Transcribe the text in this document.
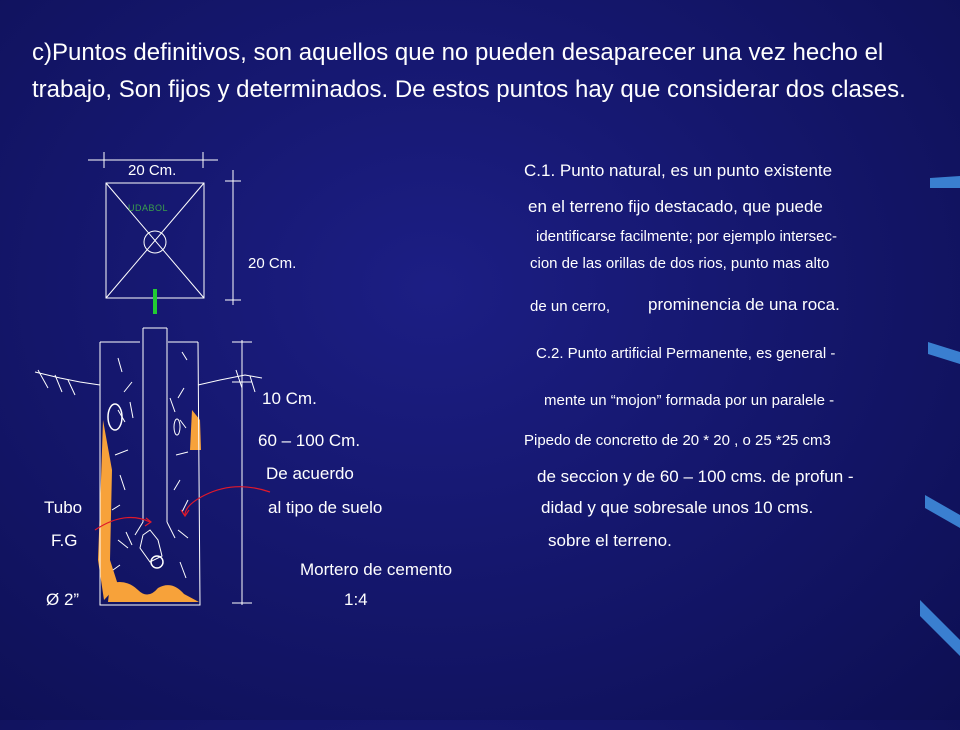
c)Puntos definitivos, son aquellos que no pueden desaparecer una vez hecho el trabajo, Son fijos y determinados. De estos puntos hay que considerar dos clases.

UDABOL
20 Cm.
20 Cm.
10 Cm.
60 – 100 Cm.
De acuerdo
al tipo de suelo
Tubo
F.G
Ø 2”
Mortero de cemento
1:4
C.1. Punto natural, es un punto existente
en el terreno fijo destacado, que puede
identificarse facilmente; por ejemplo intersec-
cion de las orillas de dos rios, punto mas alto
de un cerro, prominencia de una roca.
C.2. Punto artificial Permanente, es general -
mente un “mojon” formada por un paralele -
Pipedo de concretto de 20 * 20 , o 25 *25 cm3
de seccion y de 60 – 100 cms. de profun -
didad y que sobresale unos 10 cms.
sobre el terreno.
